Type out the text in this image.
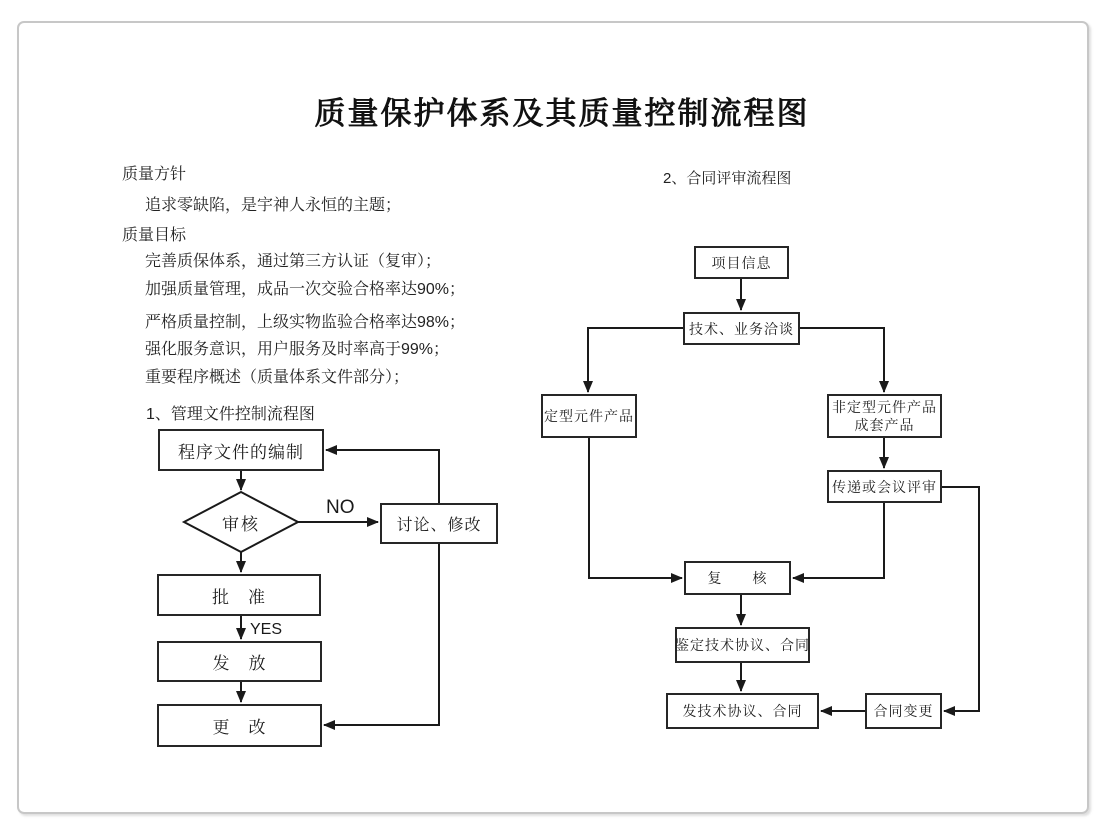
质量保护体系及其质量控制流程图
质量方针
追求零缺陷，是宇神人永恒的主题；
质量目标
完善质保体系，通过第三方认证（复审）；
加强质量管理，成品一次交验合格率达90%；
严格质量控制，上级实物监验合格率达98%；
强化服务意识，用户服务及时率高于99%；
重要程序概述（质量体系文件部分）；
1、管理文件控制流程图
2、合同评审流程图
程序文件的编制
审核
NO
讨论、修改
批　准
YES
发　放
更　改
项目信息
技术、业务洽谈
定型元件产品
非定型元件产品
成套产品
传递或会议评审
复　　核
鉴定技术协议、合同
发技术协议、合同	合同变更
